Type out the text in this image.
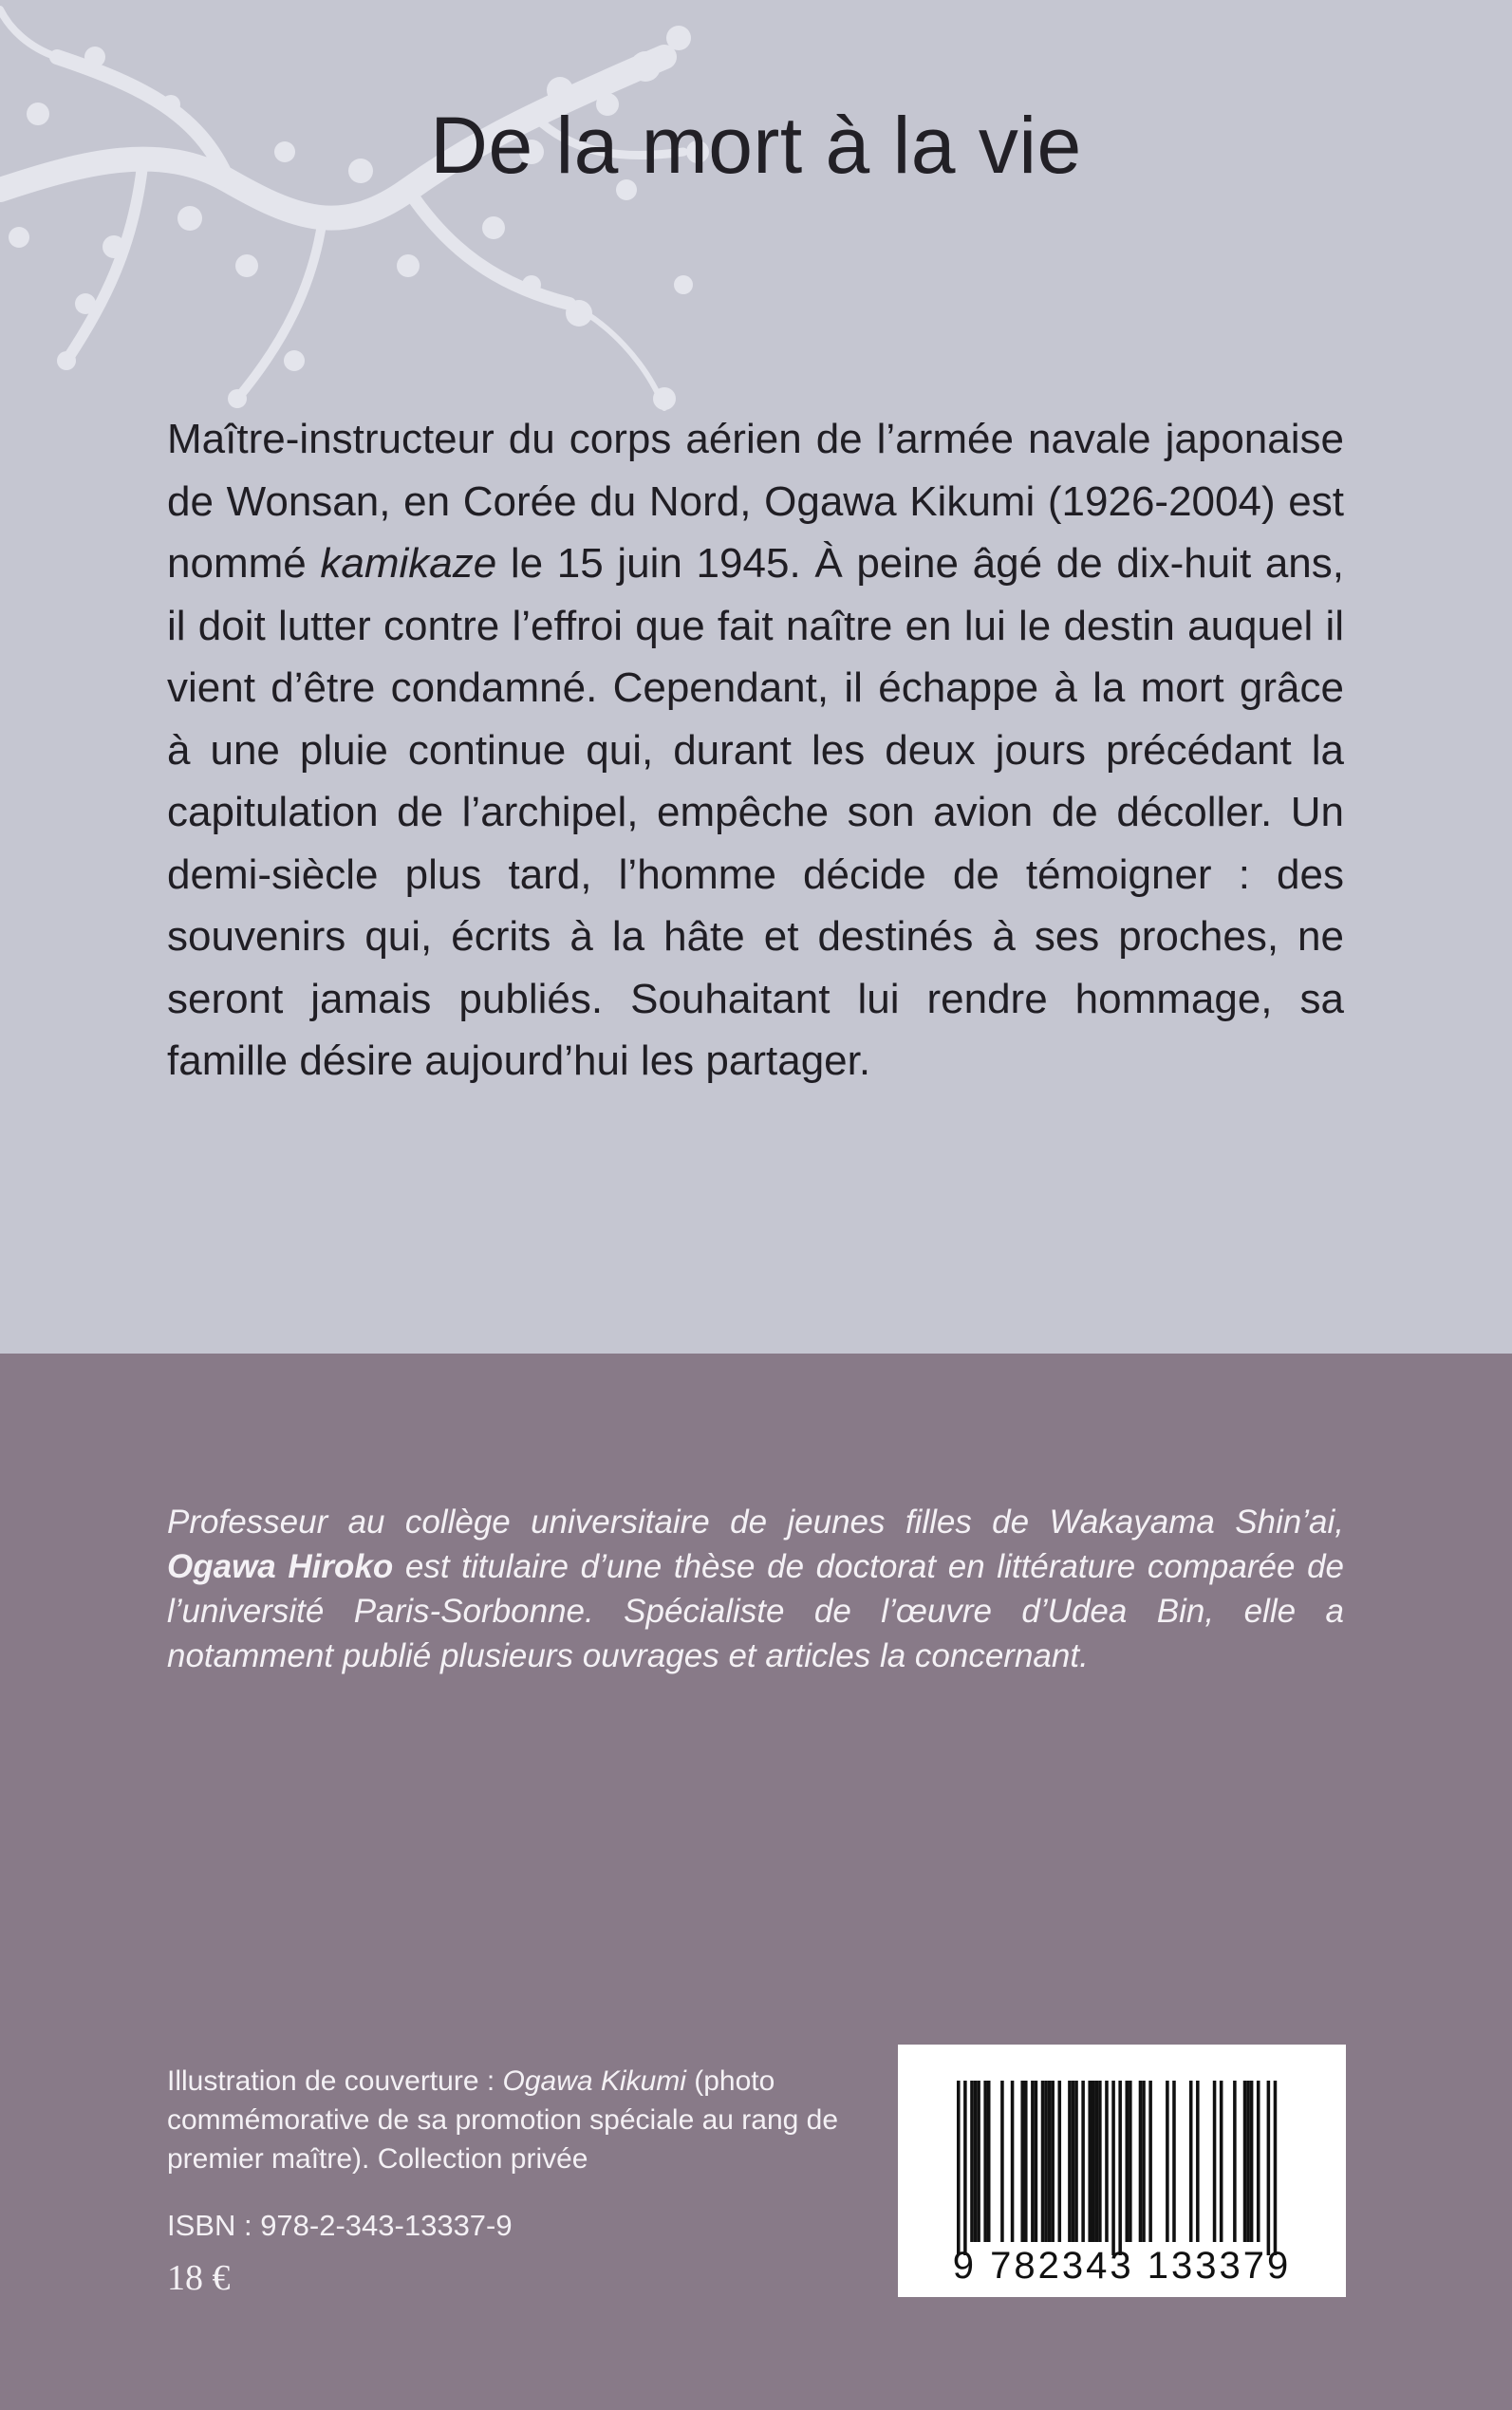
De la mort à la vie

Maître-instructeur du corps aérien de l’armée navale japonaise de Wonsan, en Corée du Nord, Ogawa Kikumi (1926-2004) est nommé kamikaze le 15 juin 1945. À peine âgé de dix-huit ans, il doit lutter contre l’effroi que fait naître en lui le destin auquel il vient d’être condamné. Cependant, il échappe à la mort grâce à une pluie continue qui, durant les deux jours précédant la capitulation de l’archipel, empêche son avion de décoller. Un demi-siècle plus tard, l’homme décide de témoigner : des souvenirs qui, écrits à la hâte et destinés à ses proches, ne seront jamais publiés. Souhaitant lui rendre hommage, sa famille désire aujourd’hui les partager.

Professeur au collège universitaire de jeunes filles de Wakayama Shin’ai, Ogawa Hiroko est titulaire d’une thèse de doctorat en littérature comparée de l’université Paris-Sorbonne. Spécialiste de l’œuvre d’Udea Bin, elle a notamment publié plusieurs ouvrages et articles la concernant.

Illustration de couverture : Ogawa Kikumi (photo commémorative de sa promotion spéciale au rang de premier maître). Collection privée

ISBN : 978-2-343-13337-9

18 €	9 782343 133379
